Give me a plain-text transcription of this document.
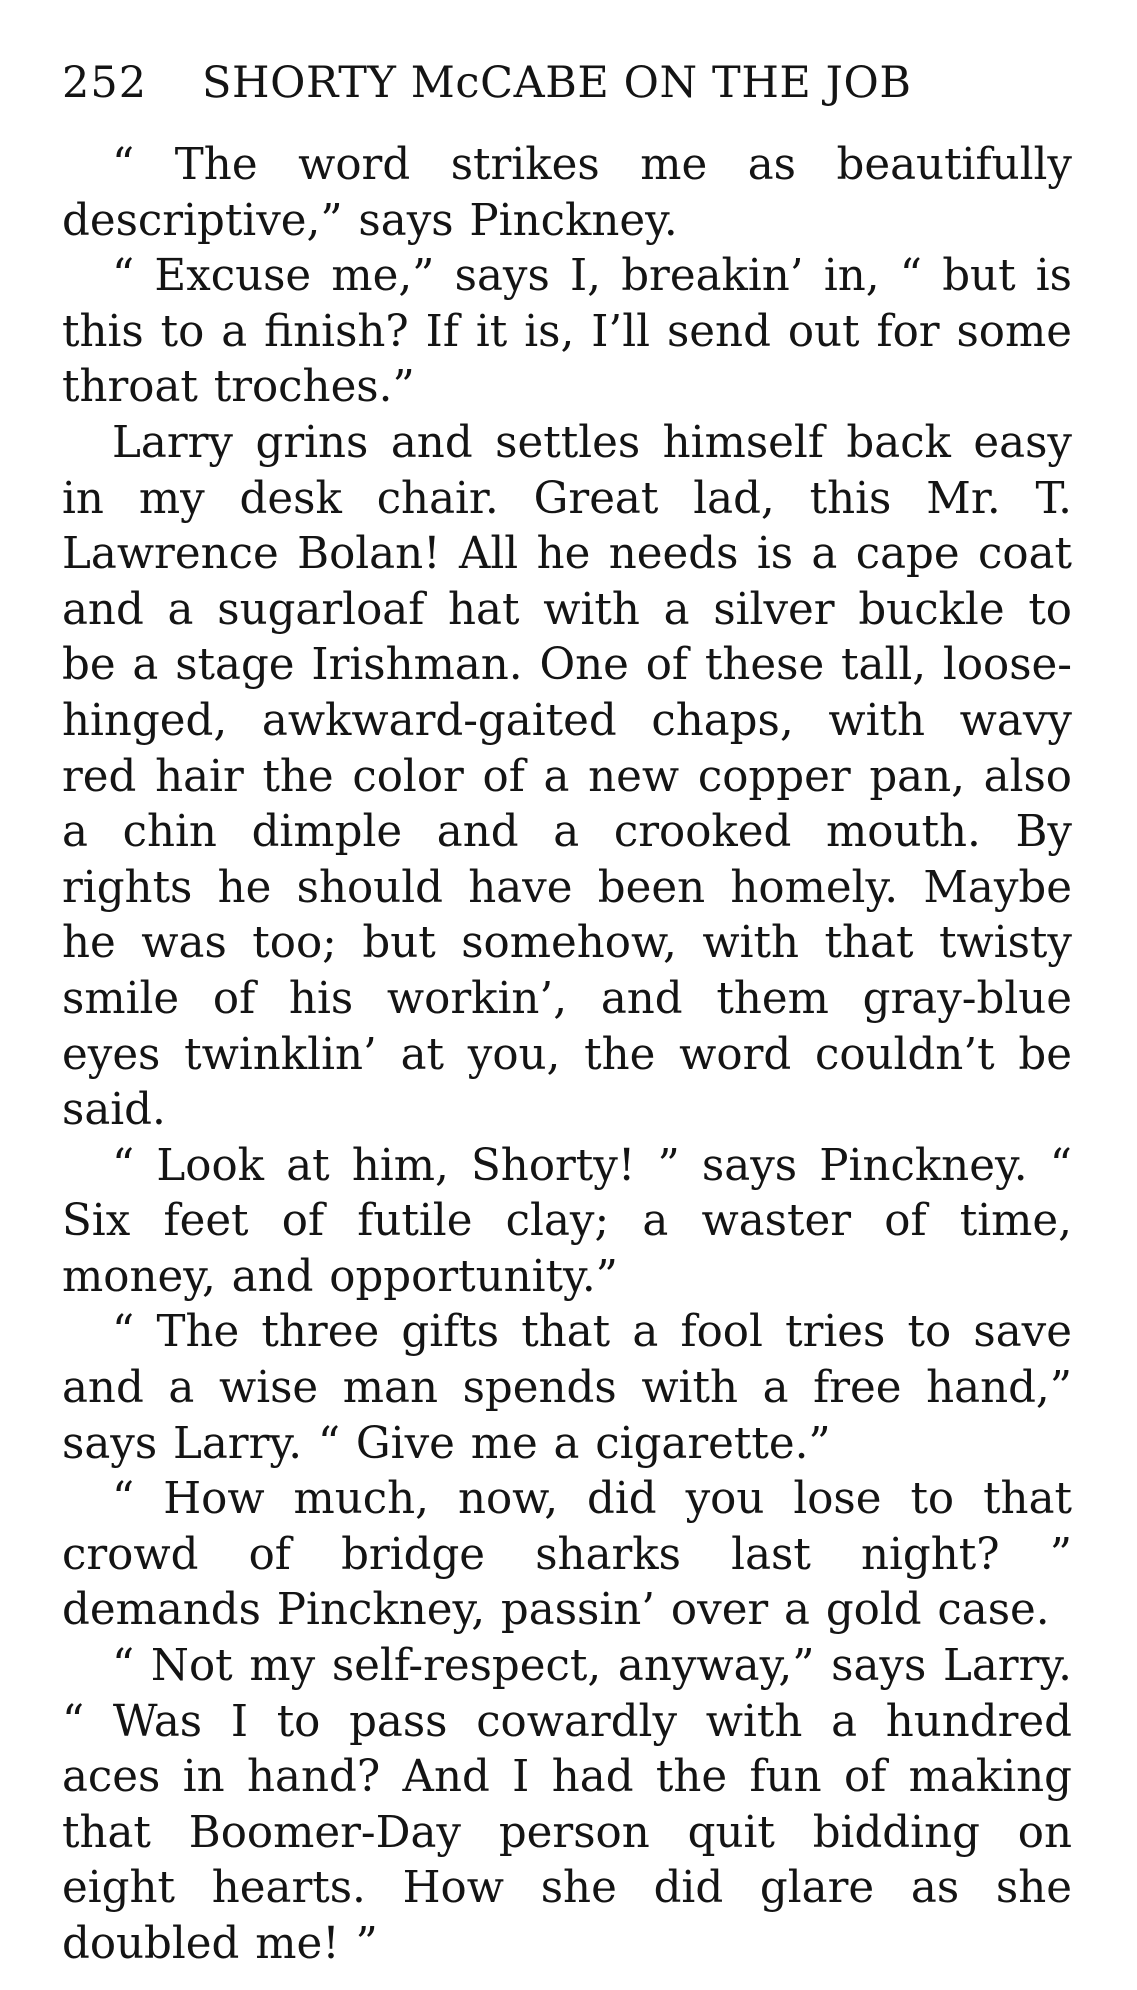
252	SHORTY McCABE ON THE JOB

“ The word strikes me as beautifully descriptive,” says Pinckney.

“ Excuse me,” says I, breakin’ in, “ but is this to a finish? If it is, I’ll send out for some throat troches.”

Larry grins and settles himself back easy in my desk chair. Great lad, this Mr. T. Lawrence Bolan! All he needs is a cape coat and a sugarloaf hat with a silver buckle to be a stage Irishman. One of these tall, loose-hinged, awkward-gaited chaps, with wavy red hair the color of a new copper pan, also a chin dimple and a crooked mouth. By rights he should have been homely. Maybe he was too; but somehow, with that twisty smile of his workin’, and them gray-blue eyes twinklin’ at you, the word couldn’t be said.

“ Look at him, Shorty! ” says Pinckney. “ Six feet of futile clay; a waster of time, money, and opportunity.”

“ The three gifts that a fool tries to save and a wise man spends with a free hand,” says Larry. “ Give me a cigarette.”

“ How much, now, did you lose to that crowd of bridge sharks last night? ” demands Pinckney, passin’ over a gold case.

“ Not my self-respect, anyway,” says Larry. “ Was I to pass cowardly with a hundred aces in hand? And I had the fun of making that Boomer-Day person quit bidding on eight hearts. How she did glare as she doubled me! ”
